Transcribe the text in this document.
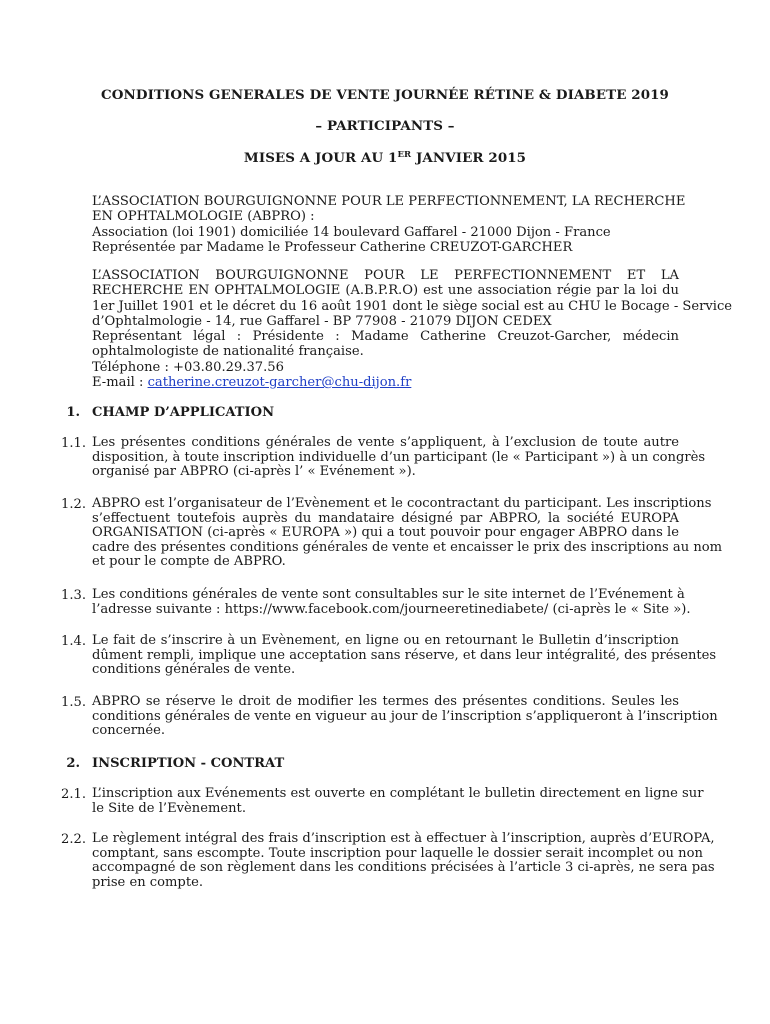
CONDITIONS GENERALES DE VENTE JOURNÉE RÉTINE & DIABETE 2019
– PARTICIPANTS –
MISES A JOUR AU 1ER JANVIER 2015
L’ASSOCIATION BOURGUIGNONNE POUR LE PERFECTIONNEMENT, LA RECHERCHE
EN OPHTALMOLOGIE (ABPRO) :
Association (loi 1901) domiciliée 14 boulevard Gaffarel - 21000 Dijon - France
Représentée par Madame le Professeur Catherine CREUZOT-GARCHER
L’ASSOCIATION BOURGUIGNONNE POUR LE PERFECTIONNEMENT ET LA
RECHERCHE EN OPHTALMOLOGIE (A.B.P.R.O) est une association régie par la loi du
1er Juillet 1901 et le décret du 16 août 1901 dont le siège social est au CHU le Bocage - Service
d’Ophtalmologie - 14, rue Gaffarel - BP 77908 - 21079 DIJON CEDEX
Représentant légal : Présidente : Madame Catherine Creuzot-Garcher, médecin
ophtalmologiste de nationalité française.
Téléphone : +03.80.29.37.56
E-mail : catherine.creuzot-garcher@chu-dijon.fr
1. CHAMP D’APPLICATION
1.1. Les présentes conditions générales de vente s’appliquent, à l’exclusion de toute autre
disposition, à toute inscription individuelle d’un participant (le « Participant ») à un congrès
organisé par ABPRO (ci-après l’ « Evénement »).
1.2. ABPRO est l’organisateur de l’Evènement et le cocontractant du participant. Les inscriptions
s’effectuent toutefois auprès du mandataire désigné par ABPRO, la société EUROPA
ORGANISATION (ci-après « EUROPA ») qui a tout pouvoir pour engager ABPRO dans le
cadre des présentes conditions générales de vente et encaisser le prix des inscriptions au nom
et pour le compte de ABPRO.
1.3. Les conditions générales de vente sont consultables sur le site internet de l’Evénement à
l’adresse suivante : https://www.facebook.com/journeeretinediabete/ (ci-après le « Site »).
1.4. Le fait de s’inscrire à un Evènement, en ligne ou en retournant le Bulletin d’inscription
dûment rempli, implique une acceptation sans réserve, et dans leur intégralité, des présentes
conditions générales de vente.
1.5. ABPRO se réserve le droit de modifier les termes des présentes conditions. Seules les
conditions générales de vente en vigueur au jour de l’inscription s’appliqueront à l’inscription
concernée.
2. INSCRIPTION - CONTRAT
2.1. L’inscription aux Evénements est ouverte en complétant le bulletin directement en ligne sur
le Site de l’Evènement.
2.2. Le règlement intégral des frais d’inscription est à effectuer à l’inscription, auprès d’EUROPA,
comptant, sans escompte. Toute inscription pour laquelle le dossier serait incomplet ou non
accompagné de son règlement dans les conditions précisées à l’article 3 ci-après, ne sera pas
prise en compte.
